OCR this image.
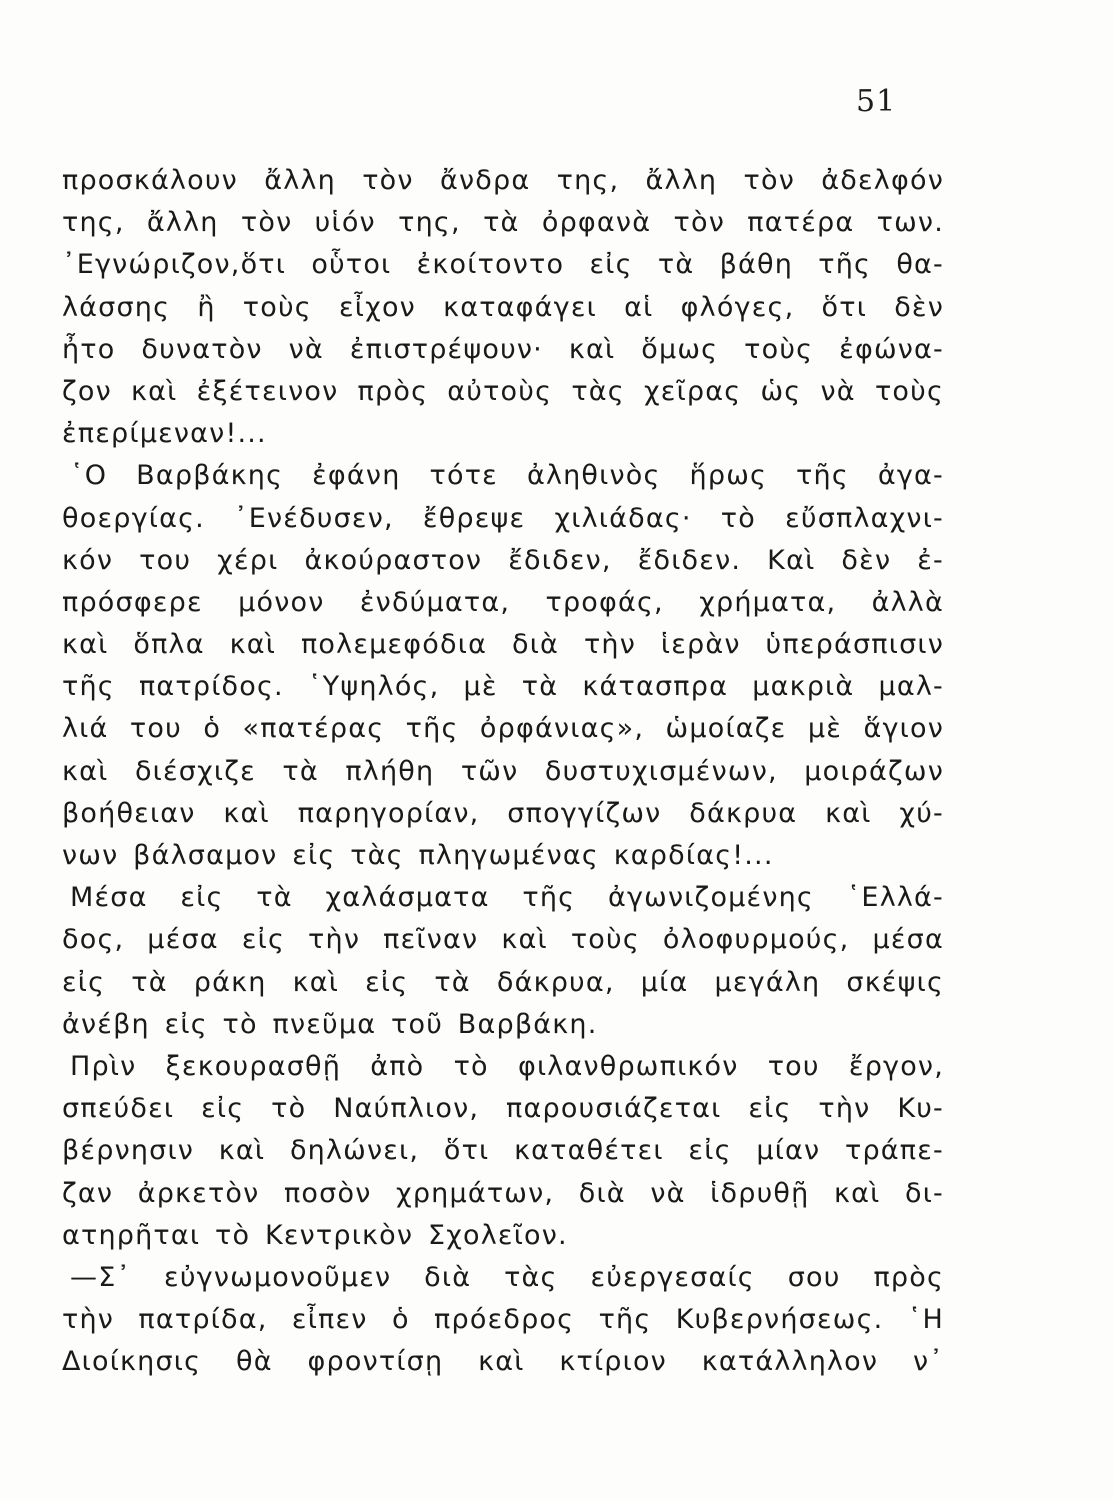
51
προσκάλουν ἄλλη τὸν ἄνδρα της, ἄλλη τὸν ἀδελφόν
της, ἄλλη τὸν υἱόν της, τὰ ὀρφανὰ τὸν πατέρα των.
᾿Εγνώριζον,ὅτι οὗτοι ἐκοίτοντο εἰς τὰ βάθη τῆς θα-
λάσσης ἢ τοὺς εἶχον καταφάγει αἱ φλόγες, ὅτι δὲν
ἦτο δυνατὸν νὰ ἐπιστρέψουν· καὶ ὅμως τοὺς ἐφώνα-
ζον καὶ ἐξέτεινον πρὸς αὐτοὺς τὰς χεῖρας ὡς νὰ τοὺς
ἐπερίμεναν!...
῾Ο Βαρβάκης ἐφάνη τότε ἀληθινὸς ἥρως τῆς ἀγα-
θοεργίας. ᾿Ενέδυσεν, ἔθρεψε χιλιάδας· τὸ εὔσπλαχνι-
κόν του χέρι ἀκούραστον ἔδιδεν, ἔδιδεν. Καὶ δὲν ἐ-
πρόσφερε μόνον ἐνδύματα, τροφάς, χρήματα, ἀλλὰ
καὶ ὅπλα καὶ πολεμεφόδια διὰ τὴν ἱερὰν ὑπεράσπισιν
τῆς πατρίδος. ῾Υψηλός, μὲ τὰ κάτασπρα μακριὰ μαλ-
λιά του ὁ «πατέρας τῆς ὀρφάνιας», ὡμοίαζε μὲ ἅγιον
καὶ διέσχιζε τὰ πλήθη τῶν δυστυχισμένων, μοιράζων
βοήθειαν καὶ παρηγορίαν, σπογγίζων δάκρυα καὶ χύ-
νων βάλσαμον εἰς τὰς πληγωμένας καρδίας!...
Μέσα εἰς τὰ χαλάσματα τῆς ἀγωνιζομένης ῾Ελλά-
δος, μέσα εἰς τὴν πεῖναν καὶ τοὺς ὀλοφυρμούς, μέσα
εἰς τὰ ράκη καὶ εἰς τὰ δάκρυα, μία μεγάλη σκέψις
ἀνέβη εἰς τὸ πνεῦμα τοῦ Βαρβάκη.
Πρὶν ξεκουρασθῇ ἀπὸ τὸ φιλανθρωπικόν του ἔργον,
σπεύδει εἰς τὸ Ναύπλιον, παρουσιάζεται εἰς τὴν Κυ-
βέρνησιν καὶ δηλώνει, ὅτι καταθέτει εἰς μίαν τράπε-
ζαν ἀρκετὸν ποσὸν χρημάτων, διὰ νὰ ἱδρυθῇ καὶ δι-
ατηρῆται τὸ Κεντρικὸν Σχολεῖον.
—Σ᾿ εὐγνωμονοῦμεν διὰ τὰς εὐεργεσαίς σου πρὸς
τὴν πατρίδα, εἶπεν ὁ πρόεδρος τῆς Κυβερνήσεως. ῾Η
Διοίκησις θὰ φροντίσῃ καὶ κτίριον κατάλληλον ν᾿
